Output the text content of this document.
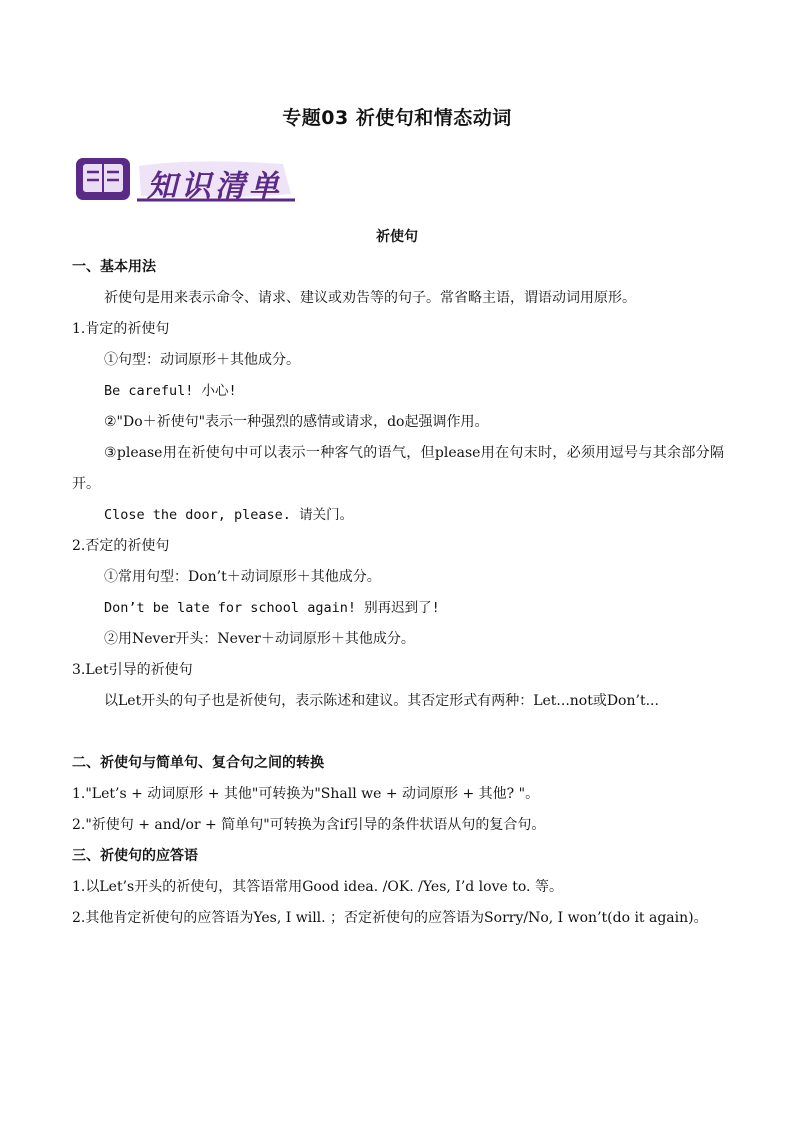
专题03 祈使句和情态动词
知识清单
祈使句
一、基本用法
祈使句是用来表示命令、请求、建议或劝告等的句子。常省略主语，谓语动词用原形。
1.肯定的祈使句
①句型：动词原形＋其他成分。
Be careful! 小心!
②"Do＋祈使句"表示一种强烈的感情或请求，do起强调作用。
③please用在祈使句中可以表示一种客气的语气，但please用在句末时，必须用逗号与其余部分隔开。
Close the door, please. 请关门。
2.否定的祈使句
①常用句型：Don’t＋动词原形＋其他成分。
Don’t be late for school again! 别再迟到了!
②用Never开头：Never＋动词原形＋其他成分。
3.Let引导的祈使句
以Let开头的句子也是祈使句，表示陈述和建议。其否定形式有两种：Let...not或Don’t...
二、祈使句与简单句、复合句之间的转换
1."Let’s + 动词原形 + 其他"可转换为"Shall we + 动词原形 + 其他? "。
2."祈使句 + and/or + 简单句"可转换为含if引导的条件状语从句的复合句。
三、祈使句的应答语
1.以Let’s开头的祈使句，其答语常用Good idea. /OK. /Yes, I’d love to. 等。
2.其他肯定祈使句的应答语为Yes, I will. ；否定祈使句的应答语为Sorry/No, I won’t(do it again)。
